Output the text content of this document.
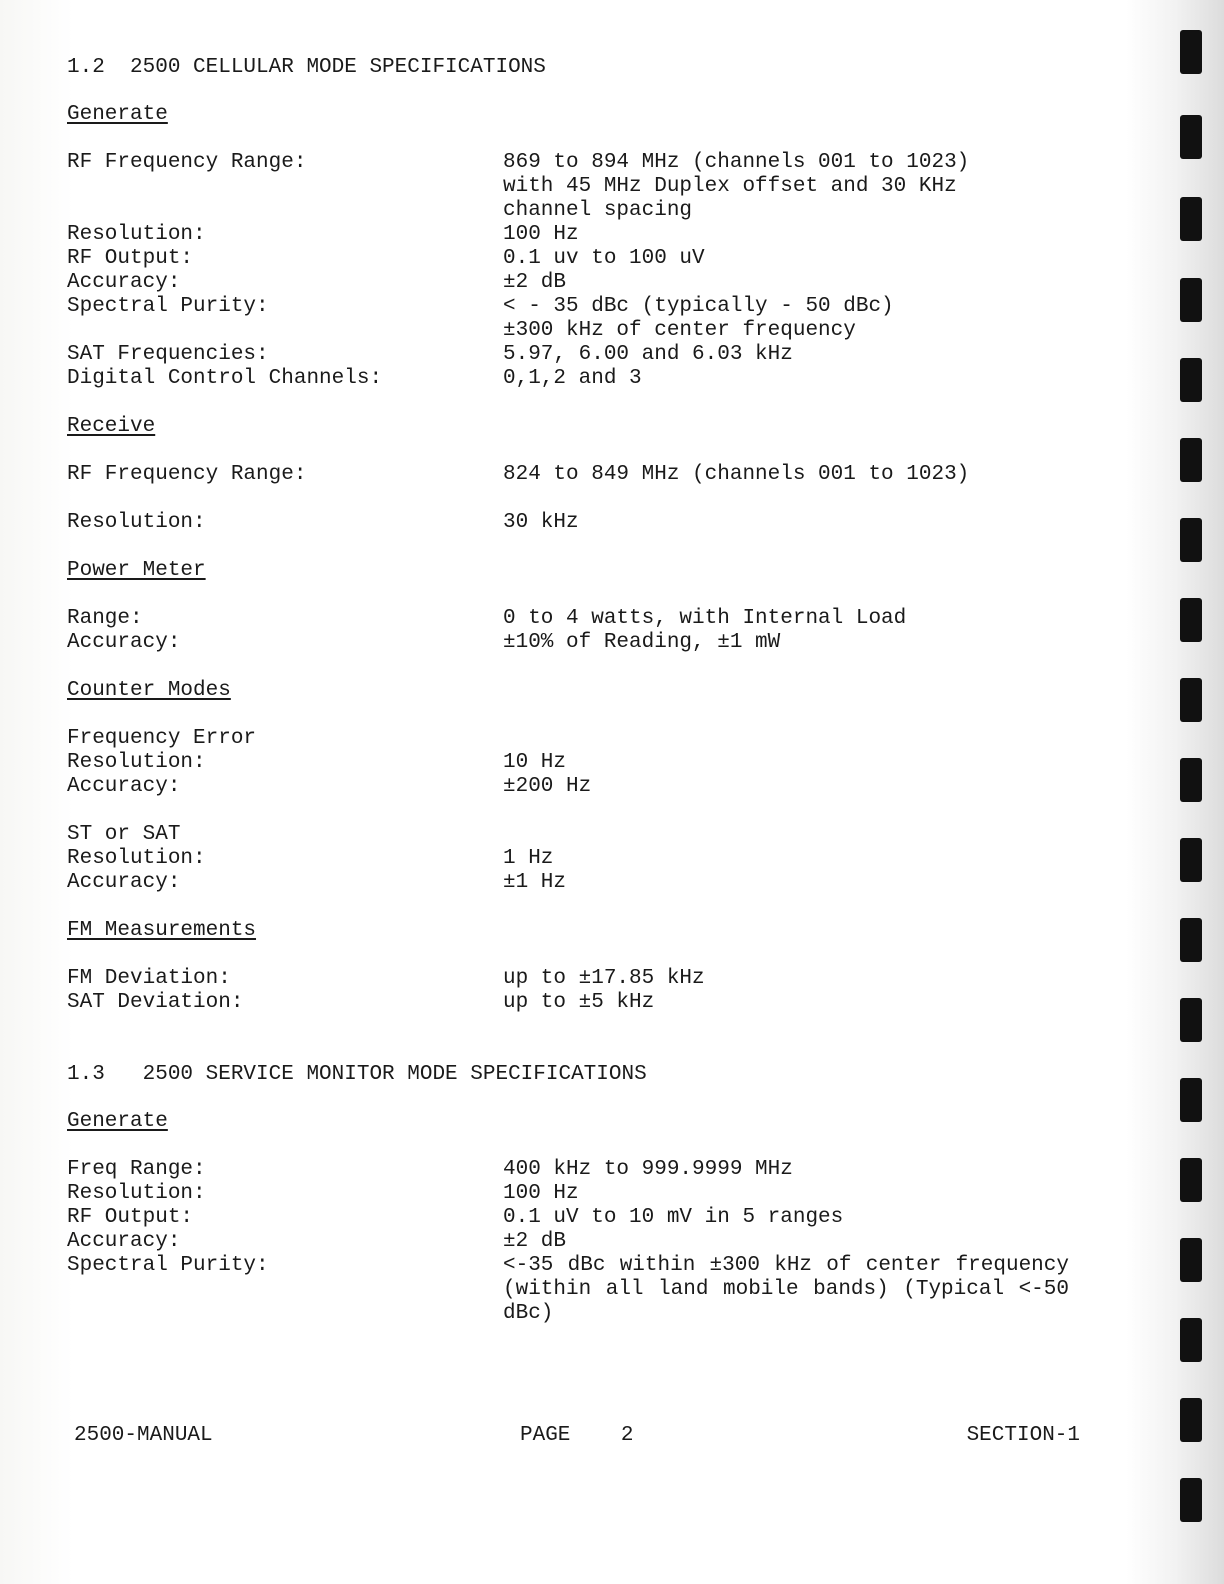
1.2  2500 CELLULAR MODE SPECIFICATIONS
Generate
RF Frequency Range:	869 to 894 MHz (channels 001 to 1023)
with 45 MHz Duplex offset and 30 KHz
channel spacing
Resolution:	100 Hz
RF Output:	0.1 uv to 100 uV
Accuracy:	±2 dB
Spectral Purity:	< - 35 dBc (typically - 50 dBc)
±300 kHz of center frequency
SAT Frequencies:	5.97, 6.00 and 6.03 kHz
Digital Control Channels:	0,1,2 and 3
Receive
RF Frequency Range:	824 to 849 MHz (channels 001 to 1023)
Resolution:	30 kHz
Power Meter
Range:	0 to 4 watts, with Internal Load
Accuracy:	±10% of Reading, ±1 mW
Counter Modes
Frequency Error
Resolution:	10 Hz
Accuracy:	±200 Hz
ST or SAT
Resolution:	1 Hz
Accuracy:	±1 Hz
FM Measurements
FM Deviation:	up to ±17.85 kHz
SAT Deviation:	up to ±5 kHz
1.3   2500 SERVICE MONITOR MODE SPECIFICATIONS
Generate
Freq Range:	400 kHz to 999.9999 MHz
Resolution:	100 Hz
RF Output:	0.1 uV to 10 mV in 5 ranges
Accuracy:	±2 dB
Spectral Purity:	<-35 dBc within ±300 kHz of center frequency (within all land mobile bands) (Typical <-50 dBc)
2500-MANUAL	PAGE    2	SECTION-1
